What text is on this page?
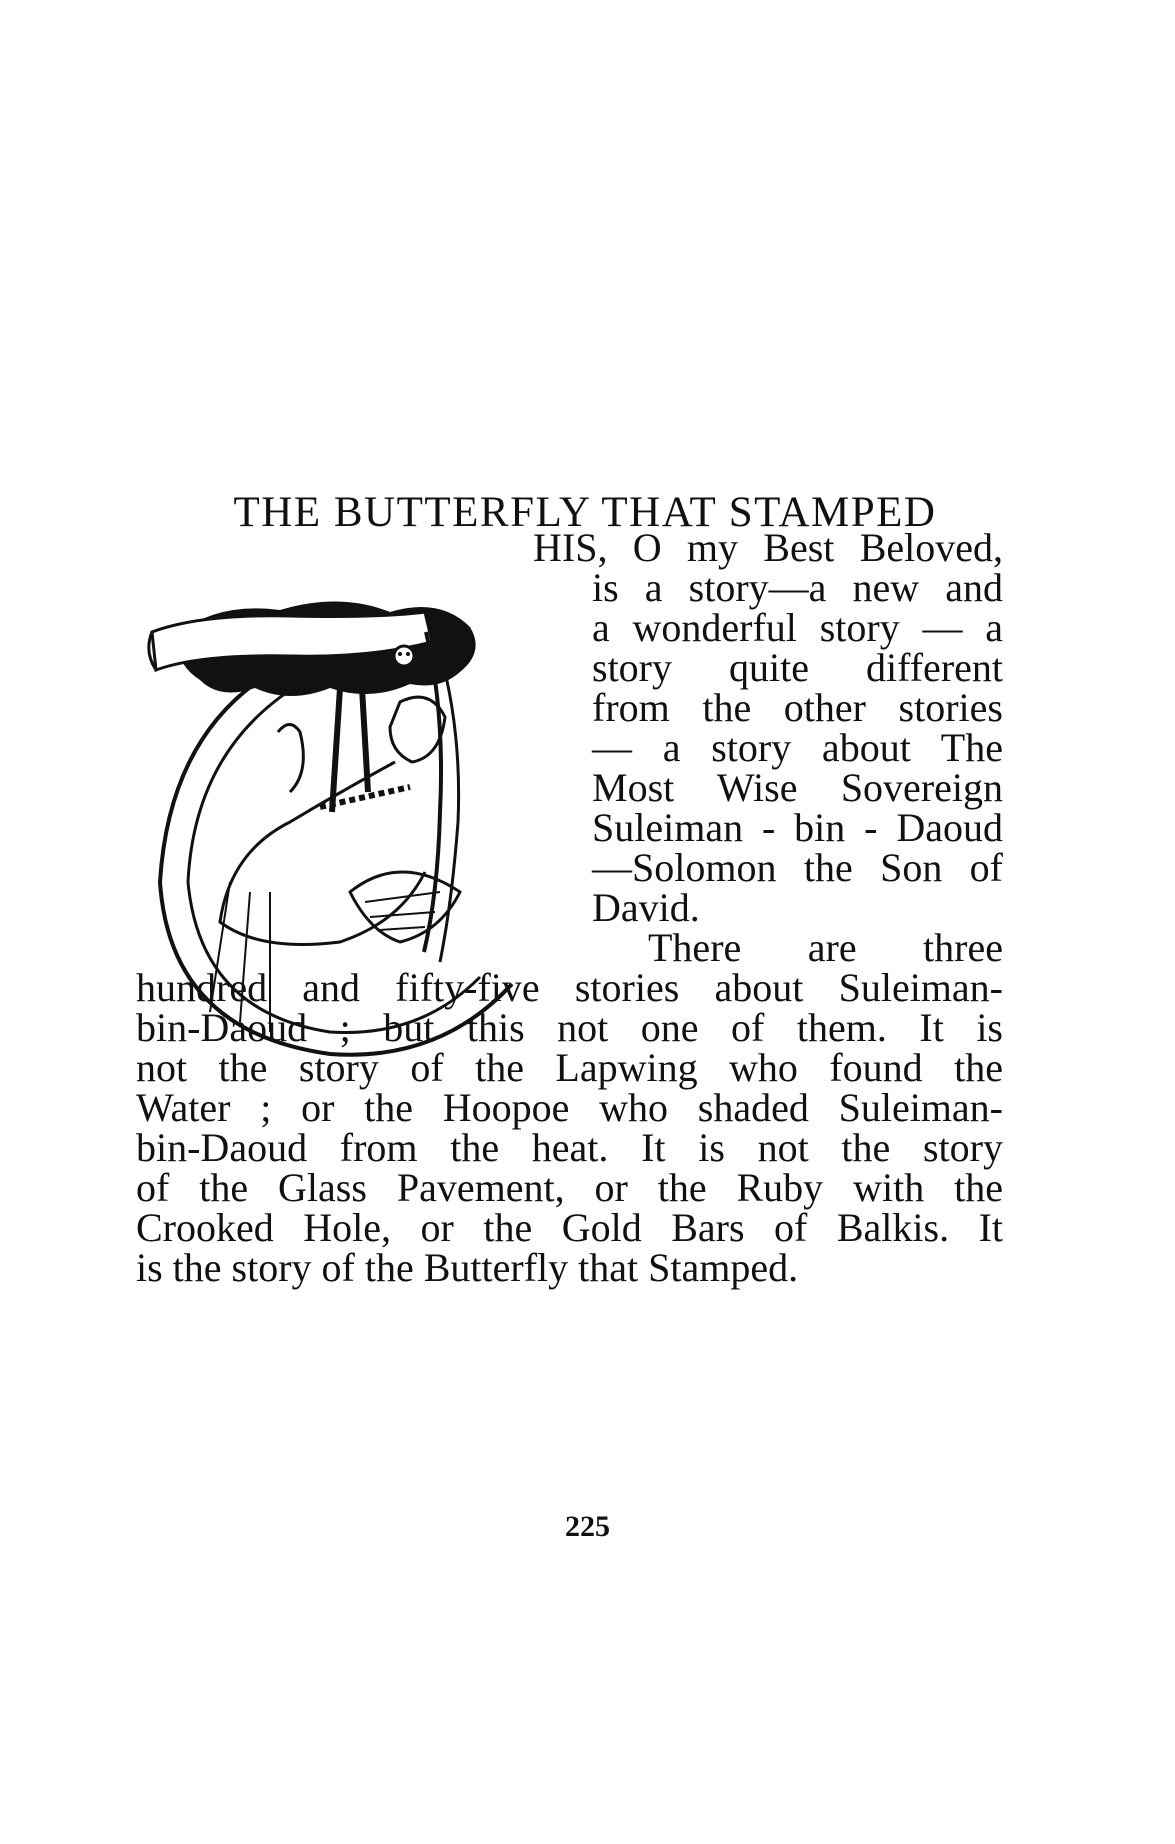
THE BUTTERFLY THAT STAMPED
HIS, O my Best Beloved,
is a story—a new and
a wonderful story — a
story quite different
from the other stories
— a story about The
Most Wise Sovereign
Suleiman - bin - Daoud
—Solomon the Son of
David.
There are three
hundred and fifty-five stories about Suleiman-
bin-Daoud ; but this not one of them. It is
not the story of the Lapwing who found the
Water ; or the Hoopoe who shaded Suleiman-
bin-Daoud from the heat. It is not the story
of the Glass Pavement, or the Ruby with the
Crooked Hole, or the Gold Bars of Balkis. It
is the story of the Butterfly that Stamped.
225
